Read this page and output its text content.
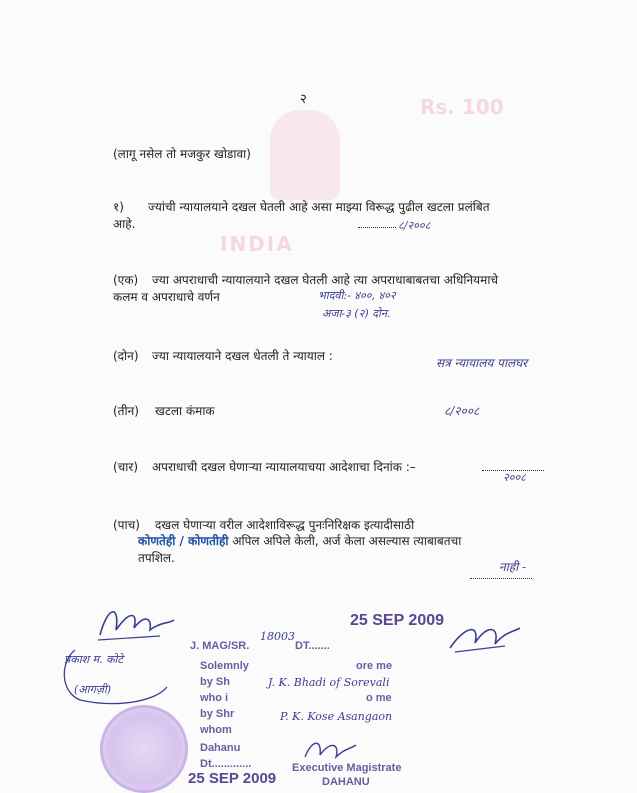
Rs. 100
INDIA
२
(लागू नसेल तो मजकुर खोडावा)
१) ज्यांची न्यायालयाने दखल घेतली आहे असा माझ्या विरूद्ध पुढील खटला प्रलंबित
आहे.	८/२००८
(एक) ज्या अपराधाची न्यायालयाने दखल घेतली आहे त्या अपराधाबाबतचा अधिनियमाचे
कलम व अपराधाचे वर्णन	भादवी:- ४००, ४०२
अजा-३ (२) दोन.
(दोन) ज्या न्यायालयाने दखल धेतली ते न्यायाल :	सत्र न्यायालय पालघर
(तीन) खटला कंमाक	८/२००८
(चार) अपराधाची दखल घेणाऱ्या न्यायालयाचया आदेशाचा दिनांक :–
२००८
(पाच) दखल घेणाऱ्या वरील आदेशाविरूद्ध पुनःनिरिक्षक इत्यादीसाठी
कोणतेही / कोणतीही अपिल अपिले केली, अर्ज केला असल्यास त्याबाबतचा
तपशिल.
नाही -
प्रकाश म. कोटे
(आगज़ी)
J. MAG/SR.
18003
DT.......
25 SEP 2009
Solemnly	ore me
by Sh	J. K. Bhadi of Sorevali
who i	o me
by Shr	P. K. Kose Asangaon
whom
Dahanu
Dt.............
25 SEP 2009
Executive Magistrate
DAHANU
